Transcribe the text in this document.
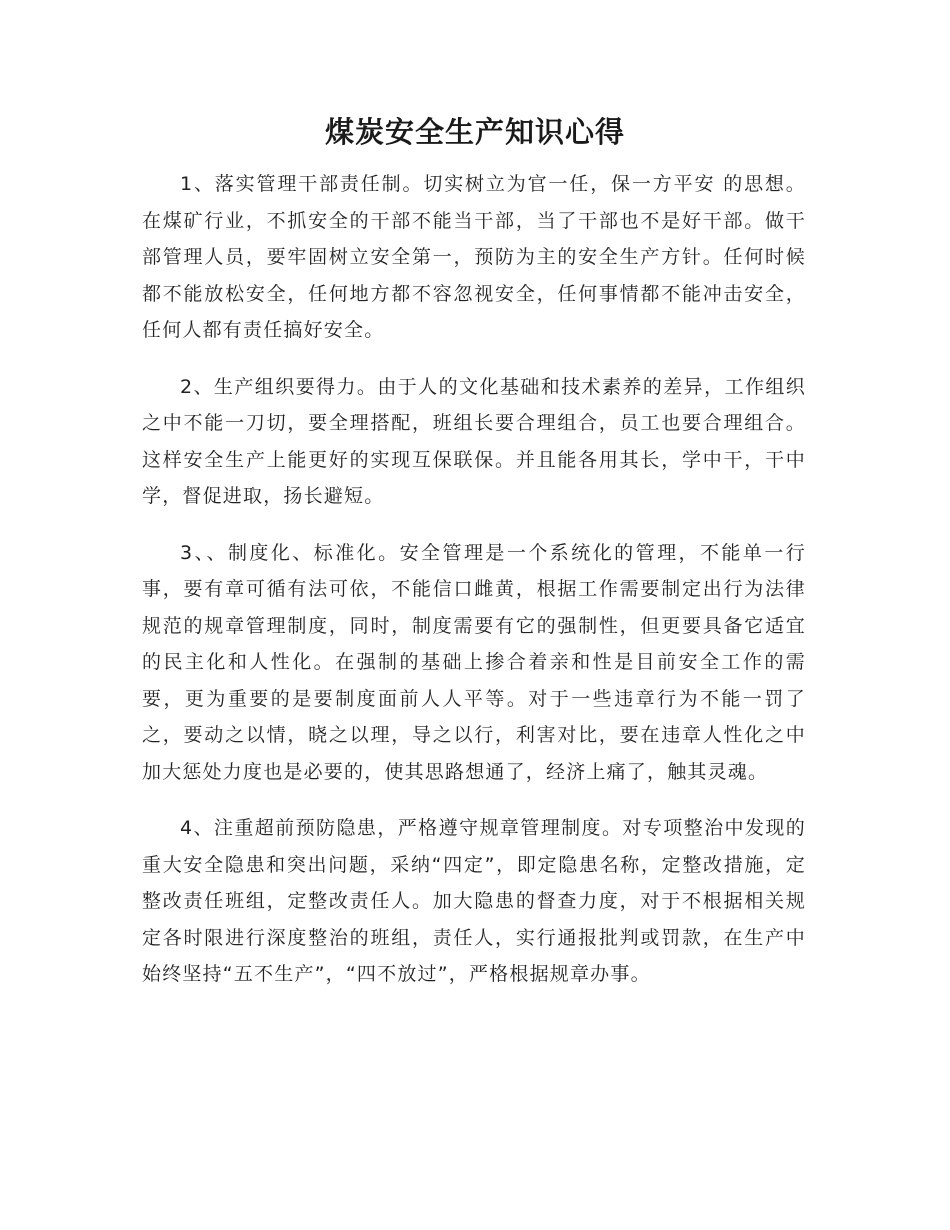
煤炭安全生产知识心得

1、落实管理干部责任制。切实树立为官一任，保一方平安 的思想。在煤矿行业，不抓安全的干部不能当干部，当了干部也不是好干部。做干部管理人员，要牢固树立安全第一，预防为主的安全生产方针。任何时候都不能放松安全，任何地方都不容忽视安全，任何事情都不能冲击安全，任何人都有责任搞好安全。

2、生产组织要得力。由于人的文化基础和技术素养的差异，工作组织之中不能一刀切，要全理搭配，班组长要合理组合，员工也要合理组合。这样安全生产上能更好的实现互保联保。并且能各用其长，学中干，干中学，督促进取，扬长避短。

3、、制度化、标准化。安全管理是一个系统化的管理，不能单一行事，要有章可循有法可依，不能信口雌黄，根据工作需要制定出行为法律规范的规章管理制度，同时，制度需要有它的强制性，但更要具备它适宜的民主化和人性化。在强制的基础上掺合着亲和性是目前安全工作的需要，更为重要的是要制度面前人人平等。对于一些违章行为不能一罚了之，要动之以情，晓之以理，导之以行，利害对比，要在违章人性化之中加大惩处力度也是必要的，使其思路想通了，经济上痛了，触其灵魂。

4、注重超前预防隐患，严格遵守规章管理制度。对专项整治中发现的重大安全隐患和突出问题，采纳“四定”，即定隐患名称，定整改措施，定整改责任班组，定整改责任人。加大隐患的督查力度，对于不根据相关规定各时限进行深度整治的班组，责任人，实行通报批判或罚款，在生产中始终坚持“五不生产”，“四不放过”，严格根据规章办事。
